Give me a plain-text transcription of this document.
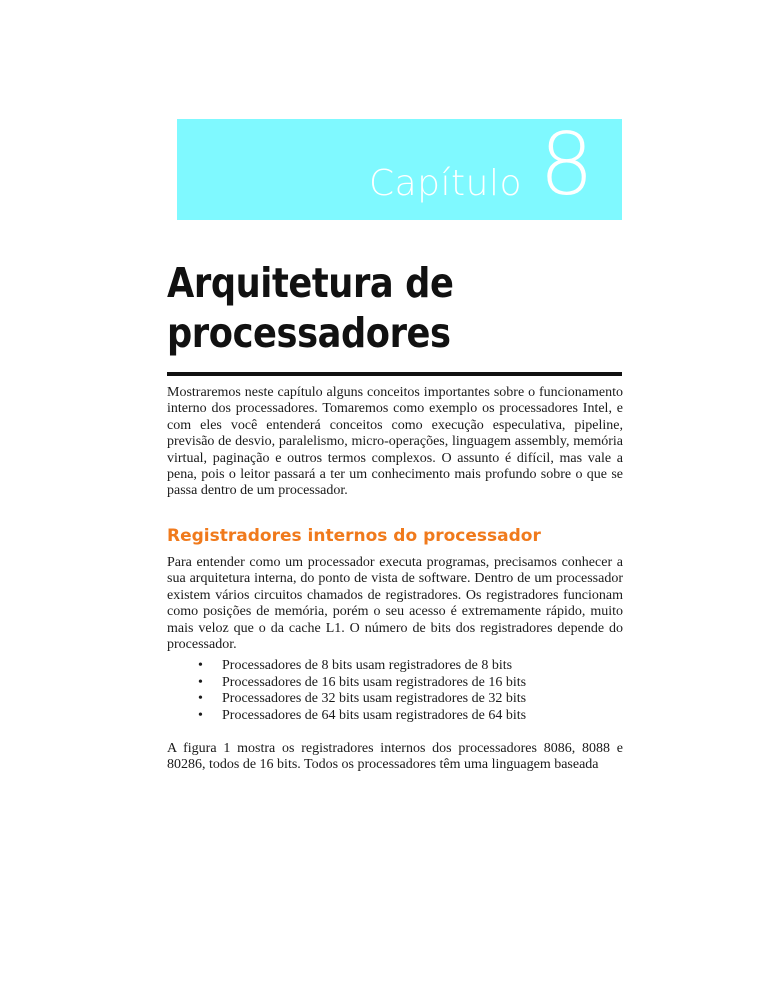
Capítulo 8
Arquitetura de
processadores

Mostraremos neste capítulo alguns conceitos importantes sobre o funcionamento interno dos processadores. Tomaremos como exemplo os processadores Intel, e com eles você entenderá conceitos como execução especulativa, pipeline, previsão de desvio, paralelismo, micro-operações, linguagem assembly, memória virtual, paginação e outros termos complexos. O assunto é difícil, mas vale a pena, pois o leitor passará a ter um conhecimento mais profundo sobre o que se passa dentro de um processador.

Registradores internos do processador

Para entender como um processador executa programas, precisamos conhecer a sua arquitetura interna, do ponto de vista de software. Dentro de um processador existem vários circuitos chamados de registradores. Os registradores funcionam como posições de memória, porém o seu acesso é extremamente rápido, muito mais veloz que o da cache L1. O número de bits dos registradores depende do processador.

• Processadores de 8 bits usam registradores de 8 bits
• Processadores de 16 bits usam registradores de 16 bits
• Processadores de 32 bits usam registradores de 32 bits
• Processadores de 64 bits usam registradores de 64 bits

A figura 1 mostra os registradores internos dos processadores 8086, 8088 e 80286, todos de 16 bits. Todos os processadores têm uma linguagem baseada
